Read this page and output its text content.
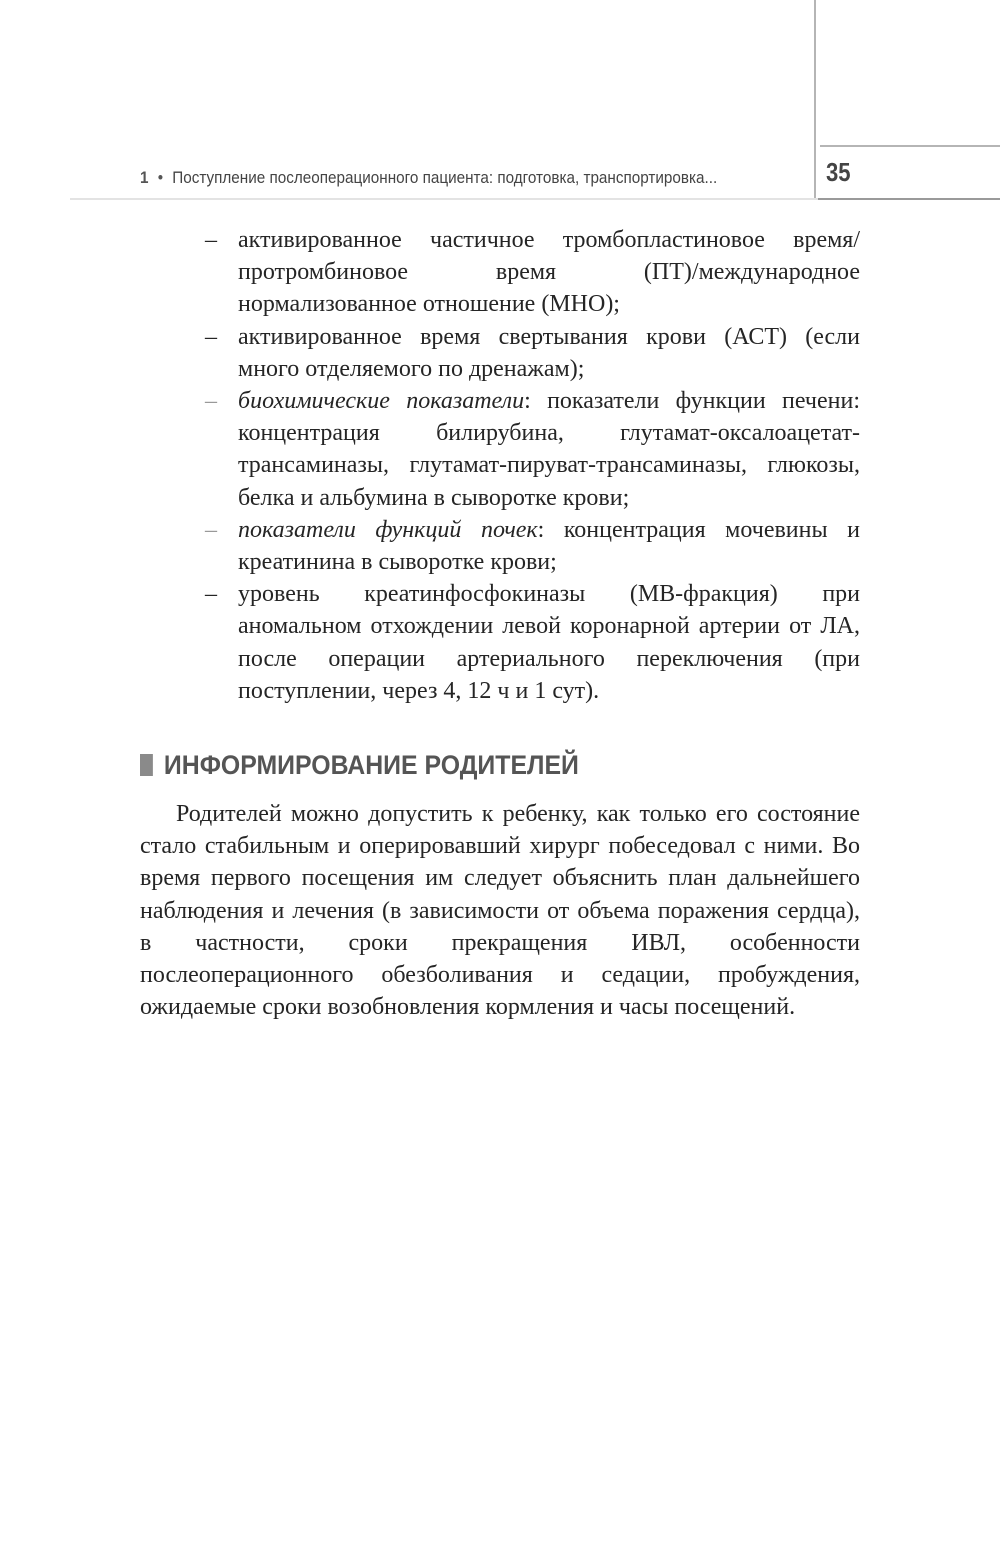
1 • Поступление послеоперационного пациента: подготовка, транспортировка...	35
– активированное частичное тромбопластиновое время/протромбиновое время (ПТ)/международное нормализованное отношение (МНО);
– активированное время свертывания крови (АСТ) (если много отделяемого по дренажам);
– биохимические показатели: показатели функции печени: концентрация билирубина, глутамат-оксалоацетат-трансаминазы, глутамат-пируват-трансаминазы, глюкозы, белка и альбумина в сыворотке крови;
– показатели функций почек: концентрация мочевины и креатинина в сыворотке крови;
– уровень креатинфосфокиназы (МВ-фракция) при аномальном отхождении левой коронарной артерии от ЛА, после операции артериального переключения (при поступлении, через 4, 12 ч и 1 сут).
ИНФОРМИРОВАНИЕ РОДИТЕЛЕЙ

Родителей можно допустить к ребенку, как только его состояние стало стабильным и оперировавший хирург побеседовал с ними. Во время первого посещения им следует объяснить план дальнейшего наблюдения и лечения (в зависимости от объема поражения сердца), в частности, сроки прекращения ИВЛ, особенности послеоперационного обезболивания и седации, пробуждения, ожидаемые сроки возобновления кормления и часы посещений.
